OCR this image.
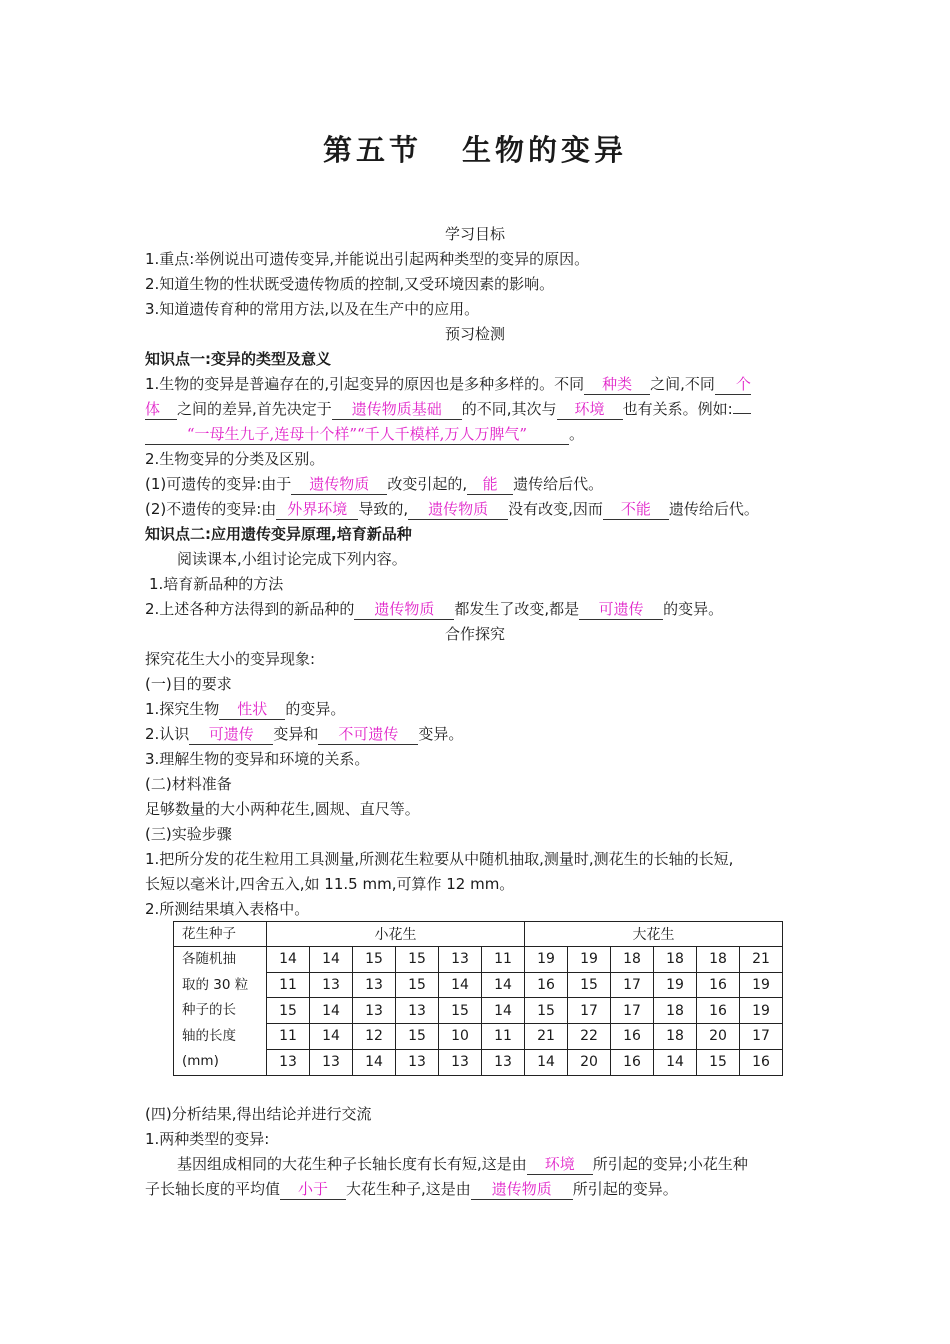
第五节 生物的变异
学习目标
1.重点:举例说出可遗传变异,并能说出引起两种类型的变异的原因。
2.知道生物的性状既受遗传物质的控制,又受环境因素的影响。
3.知道遗传育种的常用方法,以及在生产中的应用。
预习检测
知识点一:变异的类型及意义
1.生物的变异是普遍存在的,引起变异的原因也是多种多样的。不同 种类 之间,不同 个
体 之间的差异,首先决定于 遗传物质基础 的不同,其次与 环境 也有关系。例如:
“一母生九子,连母十个样”“千人千模样,万人万脾气”	。
2.生物变异的分类及区别。
(1)可遗传的变异:由于 遗传物质 改变引起的, 能 遗传给后代。
(2)不遗传的变异:由 外界环境 导致的, 遗传物质 没有改变,因而 不能 遗传给后代。
知识点二:应用遗传变异原理,培育新品种
阅读课本,小组讨论完成下列内容。
1.培育新品种的方法
2.上述各种方法得到的新品种的 遗传物质 都发生了改变,都是 可遗传 的变异。
合作探究
探究花生大小的变异现象:
(一)目的要求
1.探究生物 性状 的变异。
2.认识 可遗传 变异和 不可遗传 变异。
3.理解生物的变异和环境的关系。
(二)材料准备
足够数量的大小两种花生,圆规、直尺等。
(三)实验步骤
1.把所分发的花生粒用工具测量,所测花生粒要从中随机抽取,测量时,测花生的长轴的长短,
长短以毫米计,四舍五入,如 11.5 mm,可算作 12 mm。
2.所测结果填入表格中。
花生种子	小花生						大花生					

各随机抽
取的 30 粒
种子的长
轴的长度
(mm)	14	14	15	15	13	11	19	19	18	18	18	21
	11	13	13	15	14	14	16	15	17	19	16	19
	15	14	13	13	15	14	15	17	17	18	16	19
	11	14	12	15	10	11	21	22	16	18	20	17
	13	13	14	13	13	13	14	20	16	14	15	16
(四)分析结果,得出结论并进行交流
1.两种类型的变异:
基因组成相同的大花生种子长轴长度有长有短,这是由 环境 所引起的变异;小花生种
子长轴长度的平均值 小于 大花生种子,这是由 遗传物质 所引起的变异。
